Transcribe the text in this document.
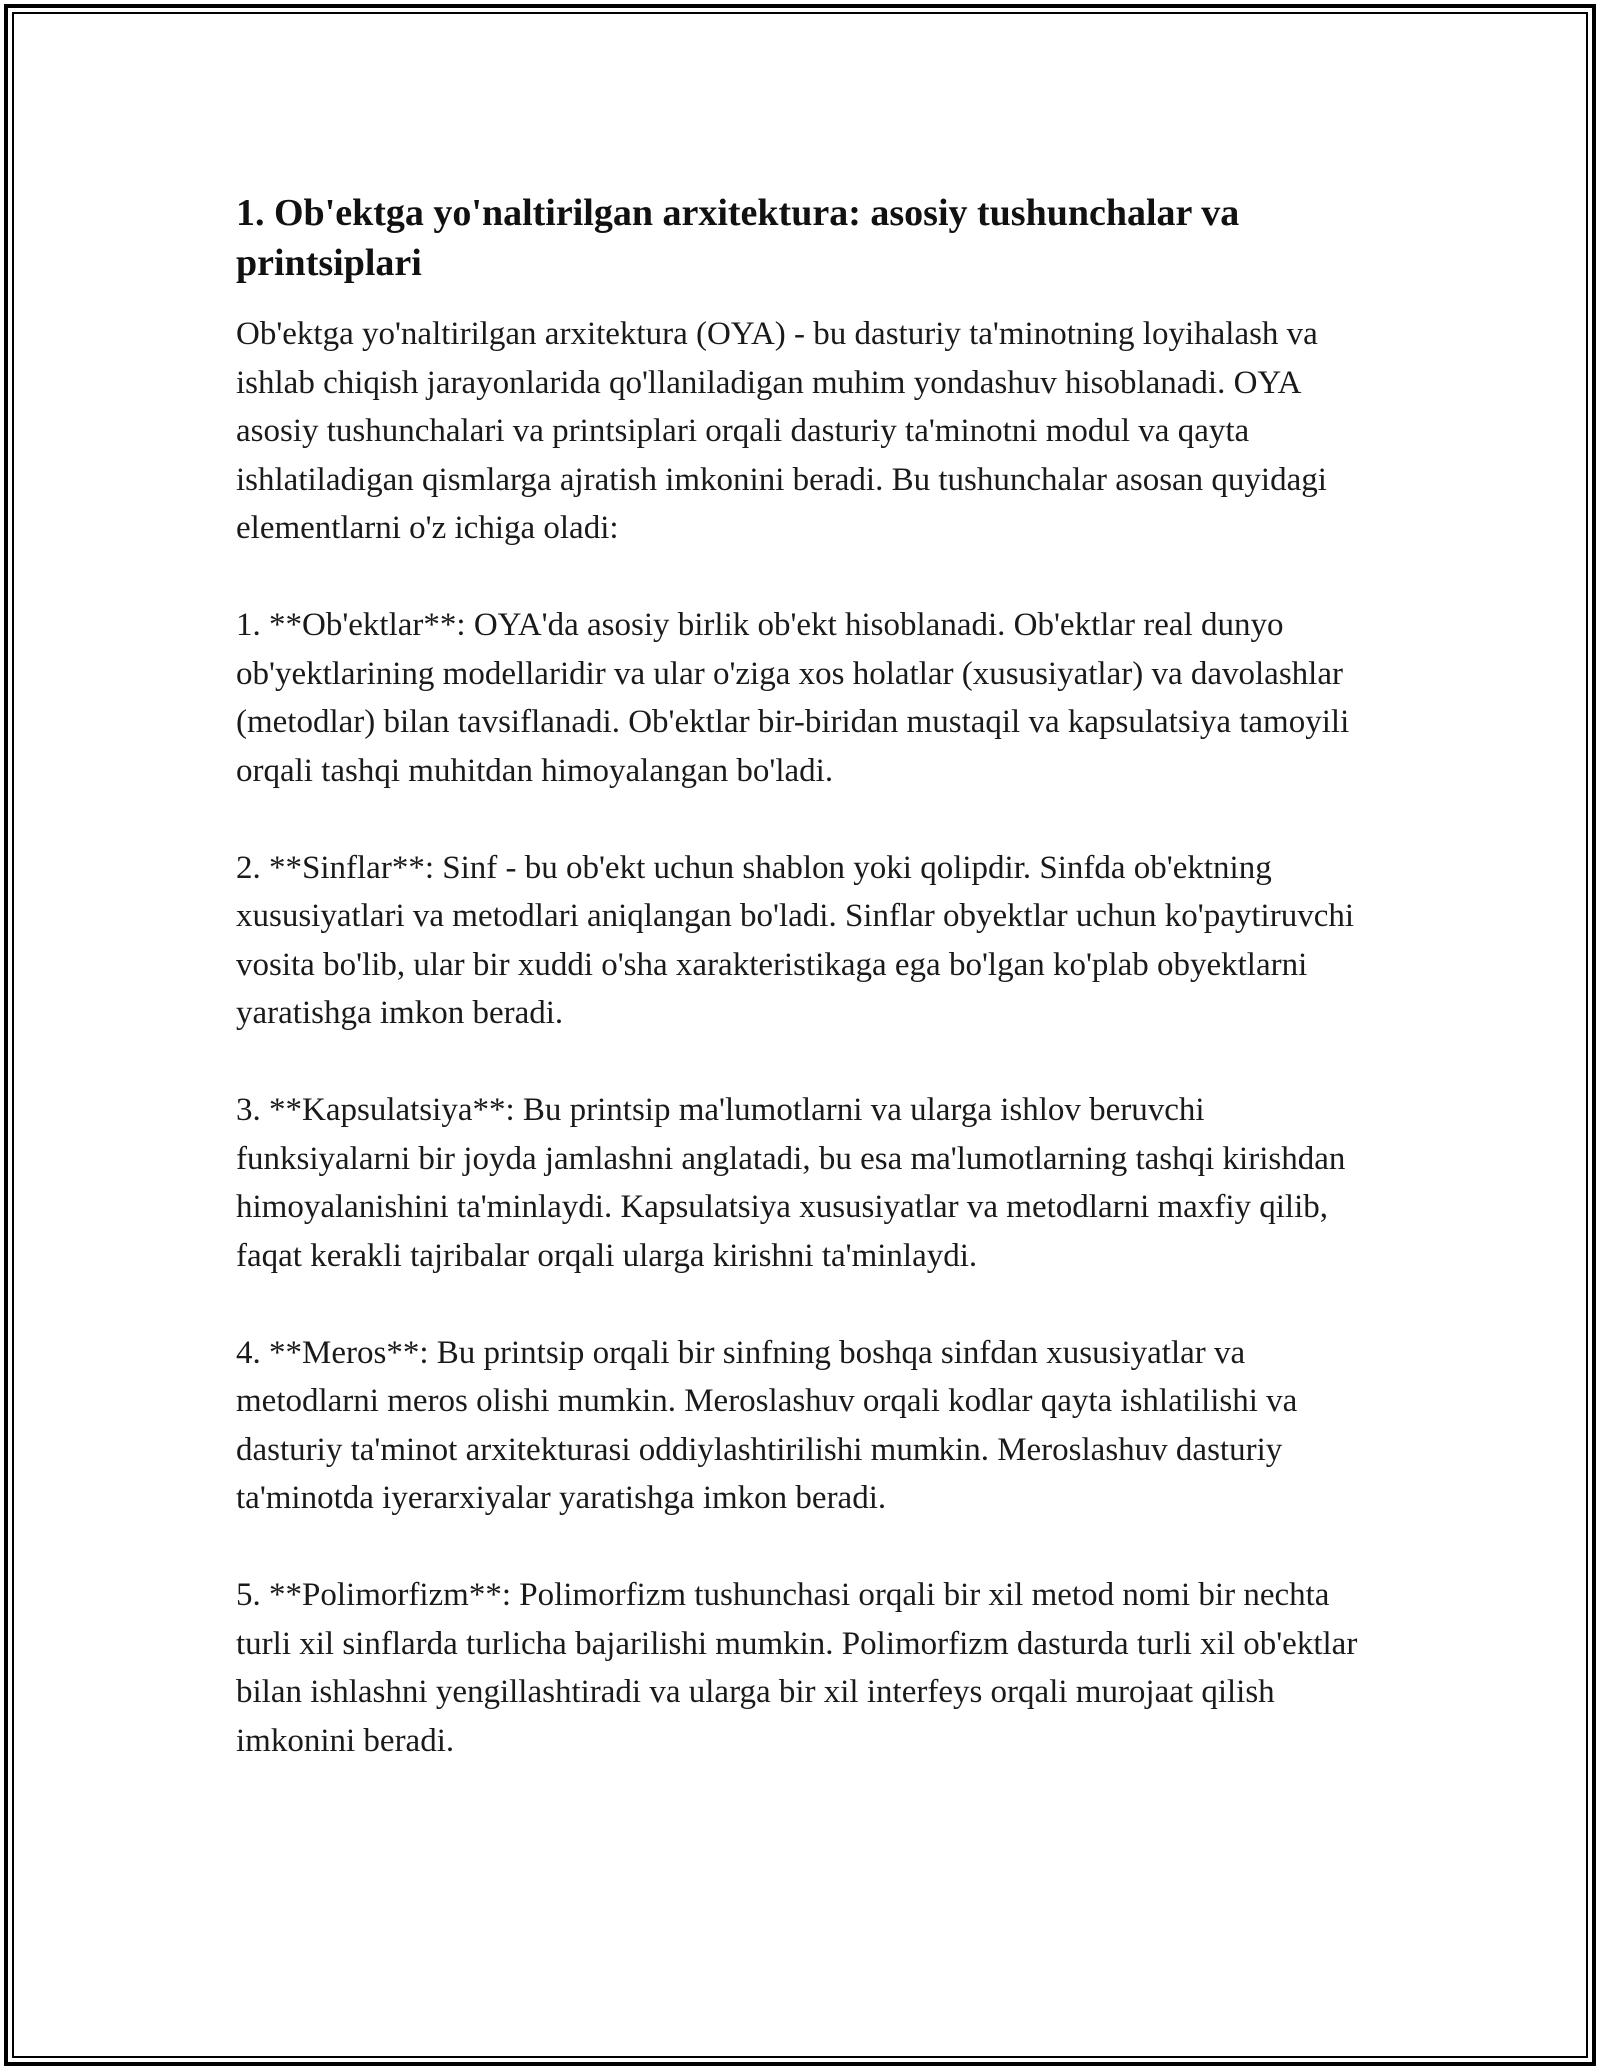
1. Ob'ektga yo'naltirilgan arxitektura: asosiy tushunchalar va printsiplari
Ob'ektga yo'naltirilgan arxitektura (OYA) - bu dasturiy ta'minotning loyihalash va ishlab chiqish jarayonlarida qo'llaniladigan muhim yondashuv hisoblanadi. OYA asosiy tushunchalari va printsiplari orqali dasturiy ta'minotni modul va qayta ishlatiladigan qismlarga ajratish imkonini beradi. Bu tushunchalar asosan quyidagi elementlarni o'z ichiga oladi:

1. **Ob'ektlar**: OYA'da asosiy birlik ob'ekt hisoblanadi. Ob'ektlar real dunyo ob'yektlarining modellaridir va ular o'ziga xos holatlar (xususiyatlar) va davolashlar (metodlar) bilan tavsiflanadi. Ob'ektlar bir-biridan mustaqil va kapsulatsiya tamoyili orqali tashqi muhitdan himoyalangan bo'ladi.

2. **Sinflar**: Sinf - bu ob'ekt uchun shablon yoki qolipdir. Sinfda ob'ektning xususiyatlari va metodlari aniqlangan bo'ladi. Sinflar obyektlar uchun ko'paytiruvchi vosita bo'lib, ular bir xuddi o'sha xarakteristikaga ega bo'lgan ko'plab obyektlarni yaratishga imkon beradi.

3. **Kapsulatsiya**: Bu printsip ma'lumotlarni va ularga ishlov beruvchi funksiyalarni bir joyda jamlashni anglatadi, bu esa ma'lumotlarning tashqi kirishdan himoyalanishini ta'minlaydi. Kapsulatsiya xususiyatlar va metodlarni maxfiy qilib, faqat kerakli tajribalar orqali ularga kirishni ta'minlaydi.

4. **Meros**: Bu printsip orqali bir sinfning boshqa sinfdan xususiyatlar va metodlarni meros olishi mumkin. Meroslashuv orqali kodlar qayta ishlatilishi va dasturiy ta'minot arxitekturasi oddiylashtirilishi mumkin. Meroslashuv dasturiy ta'minotda iyerarxiyalar yaratishga imkon beradi.

5. **Polimorfizm**: Polimorfizm tushunchasi orqali bir xil metod nomi bir nechta turli xil sinflarda turlicha bajarilishi mumkin. Polimorfizm dasturda turli xil ob'ektlar bilan ishlashni yengillashtiradi va ularga bir xil interfeys orqali murojaat qilish imkonini beradi.
